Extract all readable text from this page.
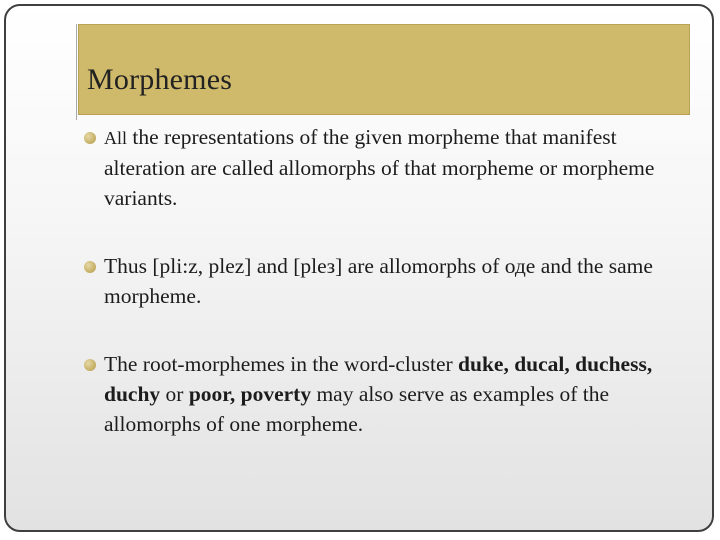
Morphemes
All the representations of the given morpheme that manifest alteration are called allomorphs of that morpheme or morpheme variants.
Thus [pli:z, plez] and [pleз] are allomorphs of оде and the same morpheme.
The root-morphemes in the word-cluster duke, ducal, duchess, duchy or poor, poverty may also serve as examples of the allomorphs of one morpheme.
